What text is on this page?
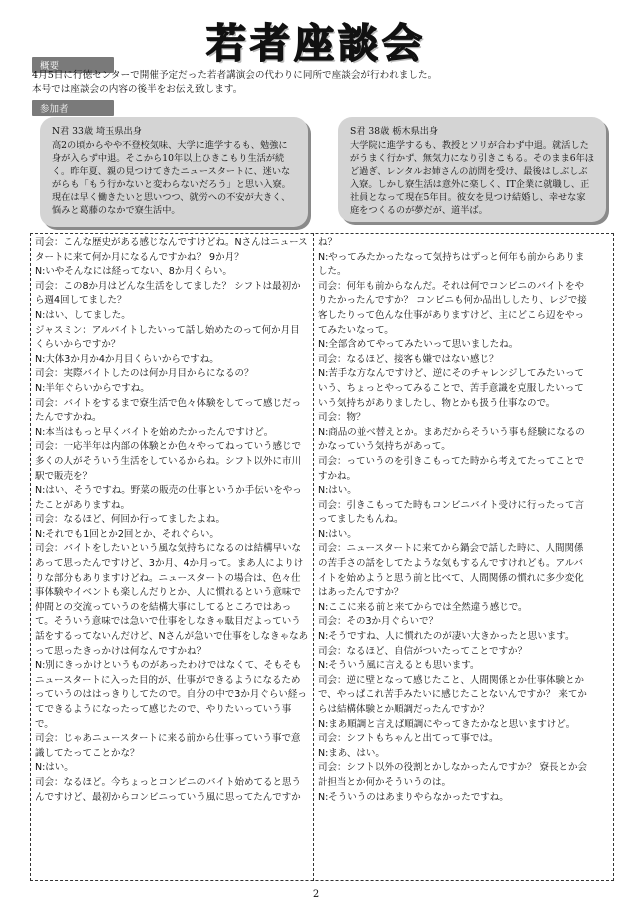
若者座談会
概要
4月5日に行徳センターで開催予定だった若者講演会の代わりに同所で座談会が行われました。
本号では座談会の内容の後半をお伝え致します。
参加者
N君 33歳 埼玉県出身
高2の頃からやや不登校気味、大学に進学するも、勉強に身が入らず中退。そこから10年以上ひきこもり生活が続く。昨年夏、親の見つけてきたニュースタートに、迷いながらも「もう行かないと変わらないだろう」と思い入寮。現在は早く働きたいと思いつつ、就労への不安が大きく、悩みと葛藤のなかで寮生活中。
S君 38歳 栃木県出身
大学院に進学するも、教授とソリが合わず中退。就活したがうまく行かず、無気力になり引きこもる。そのまま6年ほど過ぎ、レンタルお姉さんの訪問を受け、最後はしぶしぶ入寮。しかし寮生活は意外に楽しく、IT企業に就職し、正社員となって現在5年目。彼女を見つけ結婚し、幸せな家庭をつくるのが夢だが、道半ば。
司会：こんな歴史がある感じなんですけどね。Nさんはニュースタートに来て何か月になるんですかね？ 9か月？
N:いやそんなには経ってない、8か月くらい。
司会：この8か月はどんな生活をしてました？ シフトは最初から週4回してました？
N:はい、してました。
ジャスミン：アルバイトしたいって話し始めたのって何か月目くらいからですか？
N:大体3か月か4か月目くらいからですね。
司会：実際バイトしたのは何か月目からになるの？
N:半年ぐらいからですね。
司会：バイトをするまで寮生活で色々体験をしてって感じだったんですかね。
N:本当はもっと早くバイトを始めたかったんですけど。
司会：一応半年は内部の体験とか色々やってねっていう感じで多くの人がそういう生活をしているからね。シフト以外に市川駅で販売を？
N:はい、そうですね。野菜の販売の仕事というか手伝いをやったことがありますね。
司会：なるほど、何回か行ってましたよね。
N:それでも1回とか2回とか、それぐらい。
司会：バイトをしたいという風な気持ちになるのは結構早いなあって思ったんですけど、3か月、4か月って。まあ人によりけりな部分もありますけどね。ニュースタートの場合は、色々仕事体験やイベントも楽しんだりとか、人に慣れるという意味で仲間との交流っていうのを結構大事にしてるところではあって。そういう意味では急いで仕事をしなきゃ駄目だよっていう話をするってないんだけど、Nさんが急いで仕事をしなきゃなあって思ったきっかけは何なんですかね？
N:別にきっかけというものがあったわけではなくて、そもそもニュースタートに入った目的が、仕事ができるようになるためっていうのははっきりしてたので。自分の中で3か月ぐらい経ってできるようになったって感じたので、やりたいっていう事で。
司会：じゃあニュースタートに来る前から仕事っていう事で意識してたってことかな？
N:はい。
司会：なるほど。今ちょっとコンビニのバイト始めてると思うんですけど、最初からコンビニっていう風に思ってたんですか
ね？
N:やってみたかったなって気持ちはずっと何年も前からありました。
司会：何年も前からなんだ。それは何でコンビニのバイトをやりたかったんですか？ コンビニも何か品出ししたり、レジで接客したりって色んな仕事がありますけど、主にどこら辺をやってみたいなって。
N:全部含めてやってみたいって思いましたね。
司会：なるほど、接客も嫌ではない感じ？
N:苦手な方なんですけど、逆にそのチャレンジしてみたいっていう、ちょっとやってみることで、苦手意識を克服したいっていう気持ちがありましたし、物とかも扱う仕事なので。
司会：物？
N:商品の並べ替えとか。まあだからそういう事も経験になるのかなっていう気持ちがあって。
司会：っていうのを引きこもってた時から考えてたってことですかね。
N:はい。
司会：引きこもってた時もコンビニバイト受けに行ったって言ってましたもんね。
N:はい。
司会：ニュースタートに来てから鍋会で話した時に、人間関係の苦手さの話をしてたような気もするんですけれども。アルバイトを始めようと思う前と比べて、人間関係の慣れに多少変化はあったんですか？
N:ここに来る前と来てからでは全然違う感じで。
司会：その3か月ぐらいで？
N:そうですね、人に慣れたのが凄い大きかったと思います。
司会：なるほど、自信がついたってことですか？
N:そういう風に言えるとも思います。
司会：逆に壁となって感じたこと、人間関係とか仕事体験とかで、やっぱこれ苦手みたいに感じたことないんですか？ 来てからは結構体験とか順調だったんですか？
N:まあ順調と言えば順調にやってきたかなと思いますけど。
司会：シフトもちゃんと出てって事では。
N:まあ、はい。
司会：シフト以外の役割とかしなかったんですか？ 寮長とか会計担当とか何かそういうのは。
N:そういうのはあまりやらなかったですね。
2
